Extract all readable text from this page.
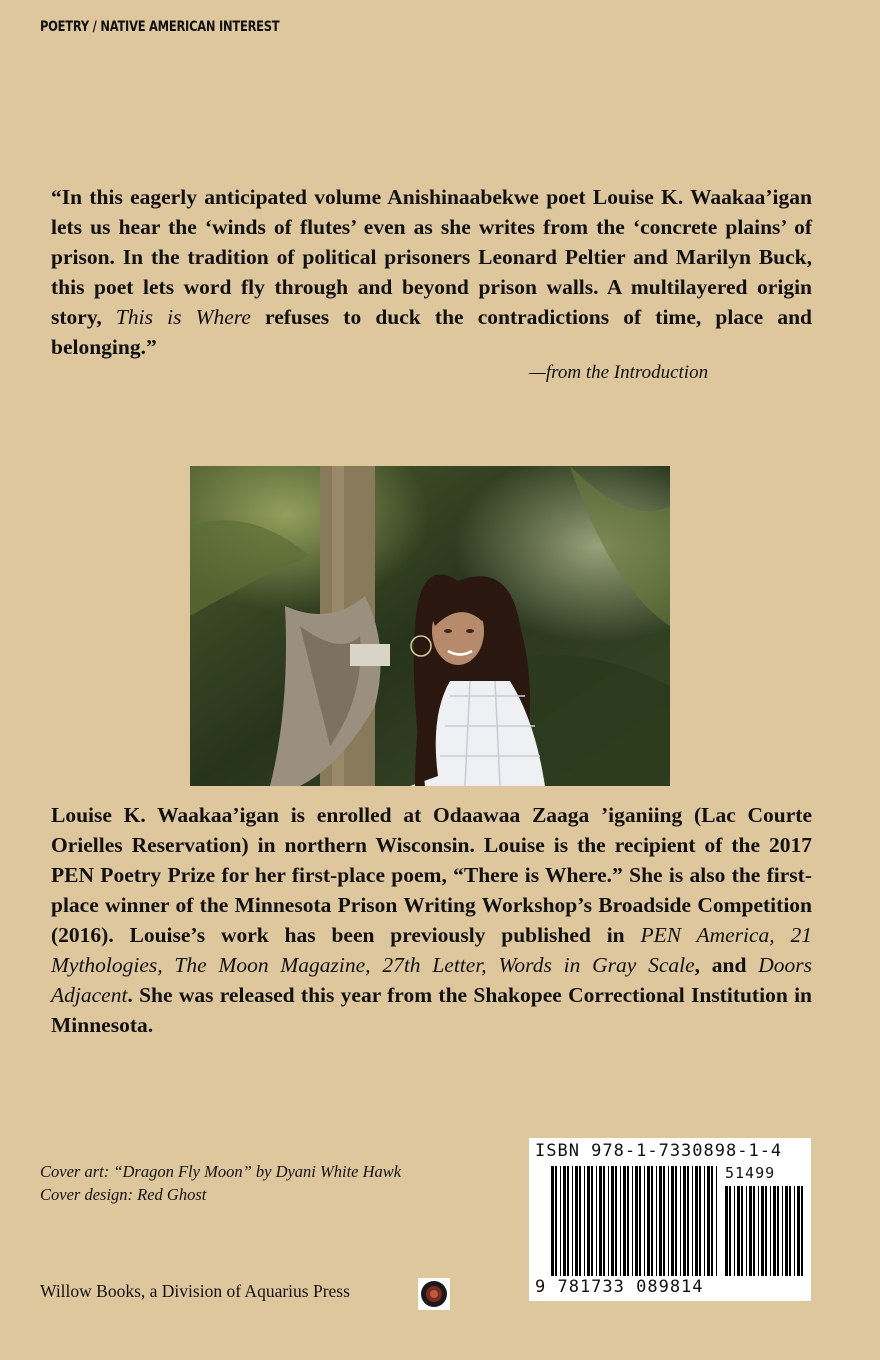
POETRY / NATIVE AMERICAN INTEREST
“In this eagerly anticipated volume Anishinaabekwe poet Louise K. Waakaa’igan lets us hear the ‘winds of flutes’ even as she writes from the ‘concrete plains’ of prison. In the tradition of political prisoners Leonard Peltier and Marilyn Buck, this poet lets word fly through and beyond prison walls. A multilayered origin story, This is Where refuses to duck the contradictions of time, place and belonging.”
—from the Introduction
Louise K. Waakaa’igan is enrolled at Odaawaa Zaaga ’iganiing (Lac Courte Orielles Reservation) in northern Wisconsin. Louise is the recipient of the 2017 PEN Poetry Prize for her first-place poem, “There is Where.” She is also the first-place winner of the Minnesota Prison Writing Workshop’s Broadside Competition (2016). Louise’s work has been previously published in PEN America, 21 Mythologies, The Moon Magazine, 27th Letter, Words in Gray Scale, and Doors Adjacent. She was released this year from the Shakopee Correctional Institution in Minnesota.
Cover art: “Dragon Fly Moon” by Dyani White Hawk
Cover design: Red Ghost
Willow Books, a Division of Aquarius Press
ISBN 978-1-7330898-1-4
51499
9 781733 089814
